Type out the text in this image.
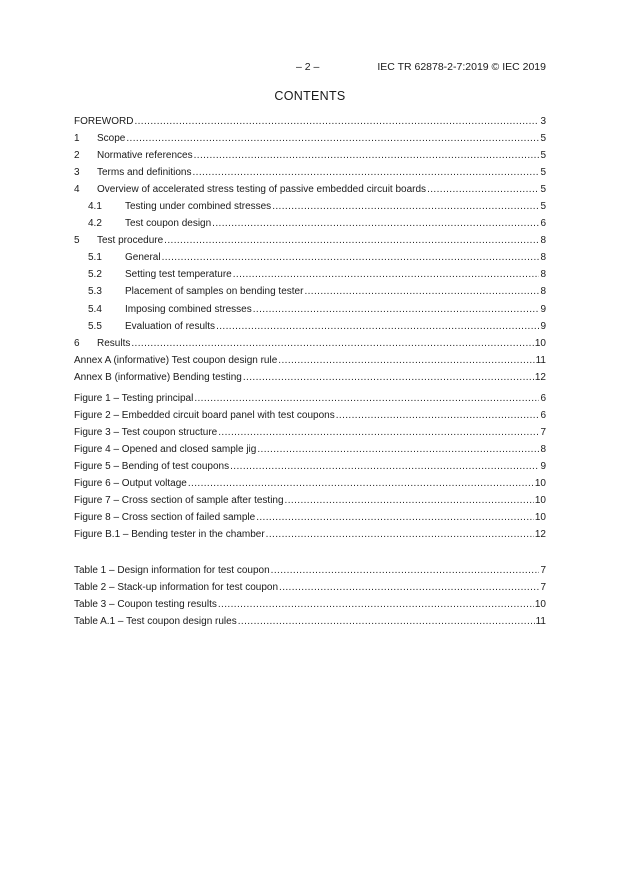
– 2 –	IEC TR 62878-2-7:2019 © IEC 2019
CONTENTS
FOREWORD .....	3
1	Scope .....	5
2	Normative references .....	5
3	Terms and definitions .....	5
4	Overview of accelerated stress testing of passive embedded circuit boards .....	5
4.1	Testing under combined stresses .....	5
4.2	Test coupon design .....	6
5	Test procedure .....	8
5.1	General .....	8
5.2	Setting test temperature .....	8
5.3	Placement of samples on bending tester .....	8
5.4	Imposing combined stresses .....	9
5.5	Evaluation of results .....	9
6	Results .....	10
Annex A (informative) Test coupon design rule .....	11
Annex B (informative) Bending testing .....	12
Figure 1 – Testing principal .....	6
Figure 2 – Embedded circuit board panel with test coupons .....	6
Figure 3 – Test coupon structure .....	7
Figure 4 – Opened and closed sample jig .....	8
Figure 5 – Bending of test coupons .....	9
Figure 6 – Output voltage .....	10
Figure 7 – Cross section of sample after testing .....	10
Figure 8 – Cross section of failed sample .....	10
Figure B.1 – Bending tester in the chamber .....	12
Table 1 – Design information for test coupon .....	7
Table 2 – Stack-up information for test coupon .....	7
Table 3 – Coupon testing results .....	10
Table A.1 – Test coupon design rules .....	11
